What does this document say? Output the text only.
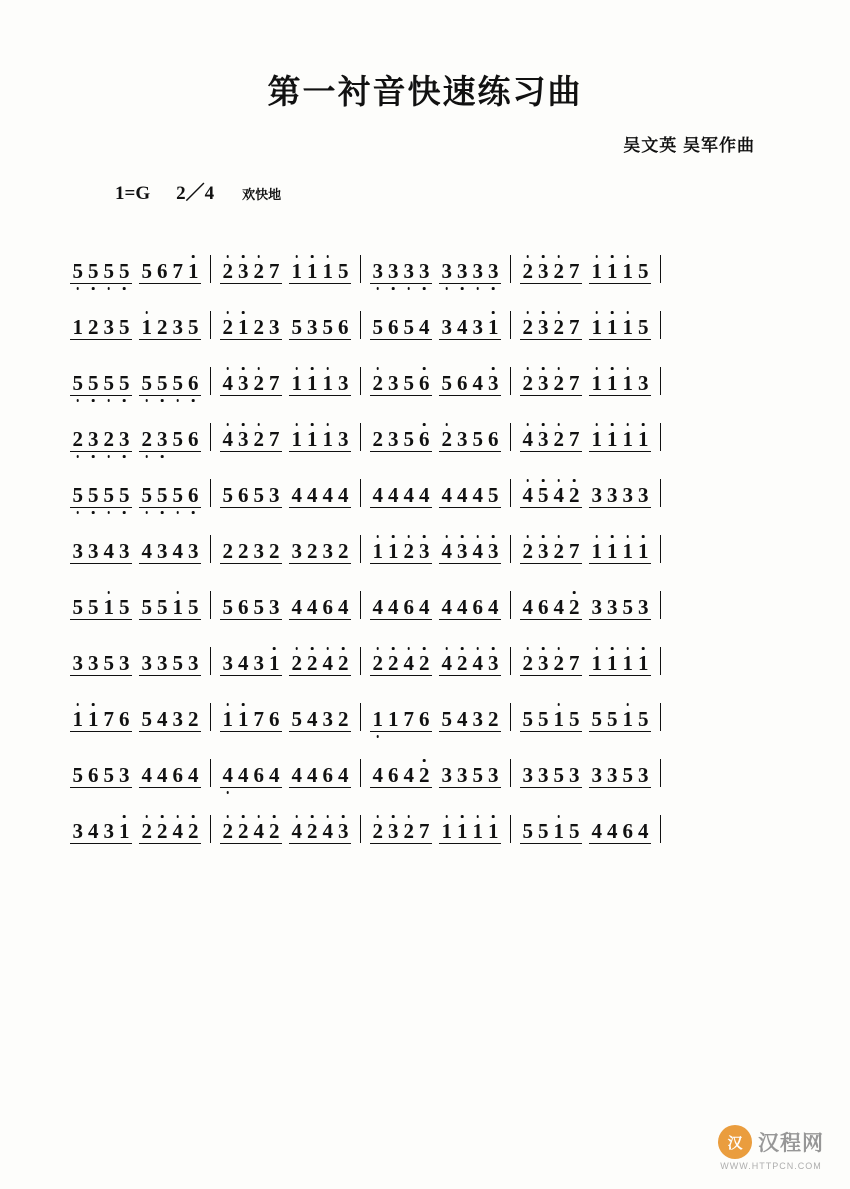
第一衬音快速练习曲
吴文英 吴军作曲
1=G 2／4 欢快地
5 5 5 5 5 6 7 1 2 3 2 7 1 1 1 5 3 3 3 3 3 3 3 3 2 3 2 7 1 1 1 5
1 2 3 5 1 2 3 5 2 1 2 3 5 3 5 6 5 6 5 4 3 4 3 1 2 3 2 7 1 1 1 5
5 5 5 5 5 5 5 6 4 3 2 7 1 1 1 3 2 3 5 6 5 6 4 3 2 3 2 7 1 1 1 3
2 3 2 3 2 3 5 6 4 3 2 7 1 1 1 3 2 3 5 6 2 3 5 6 4 3 2 7 1 1 1 1
5 5 5 5 5 5 5 6 5 6 5 3 4 4 4 4 4 4 4 4 4 4 4 5 4 5 4 2 3 3 3 3
3 3 4 3 4 3 4 3 2 2 3 2 3 2 3 2 1 1 2 3 4 3 4 3 2 3 2 7 1 1 1 1
5 5 1 5 5 5 1 5 5 6 5 3 4 4 6 4 4 4 6 4 4 4 6 4 4 6 4 2 3 3 5 3
3 3 5 3 3 3 5 3 3 4 3 1 2 2 4 2 2 2 4 2 4 2 4 3 2 3 2 7 1 1 1 1
1 1 7 6 5 4 3 2 1 1 7 6 5 4 3 2 1 1 7 6 5 4 3 2 5 5 1 5 5 5 1 5
5 6 5 3 4 4 6 4 4 4 6 4 4 4 6 4 4 6 4 2 3 3 5 3 3 3 5 3 3 3 5 3
3 4 3 1 2 2 4 2 2 2 4 2 4 2 4 3 2 3 2 7 1 1 1 1 5 5 1 5 4 4 6 4
汉 汉程网
WWW.HTTPCN.COM
